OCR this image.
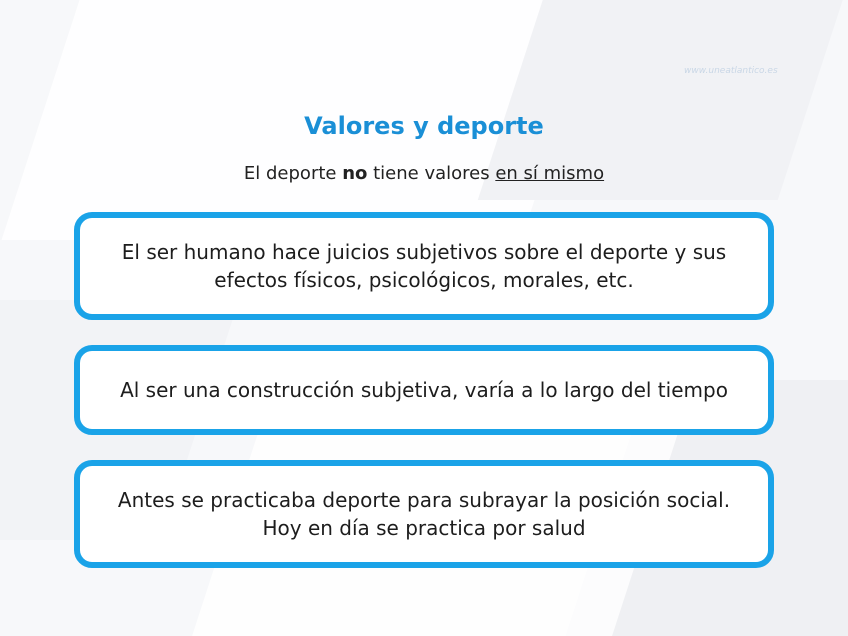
www.uneatlantico.es
Valores y deporte
El deporte no tiene valores en sí mismo
El ser humano hace juicios subjetivos sobre el deporte y sus
efectos físicos, psicológicos, morales, etc.
Al ser una construcción subjetiva, varía a lo largo del tiempo
Antes se practicaba deporte para subrayar la posición social.
Hoy en día se practica por salud
